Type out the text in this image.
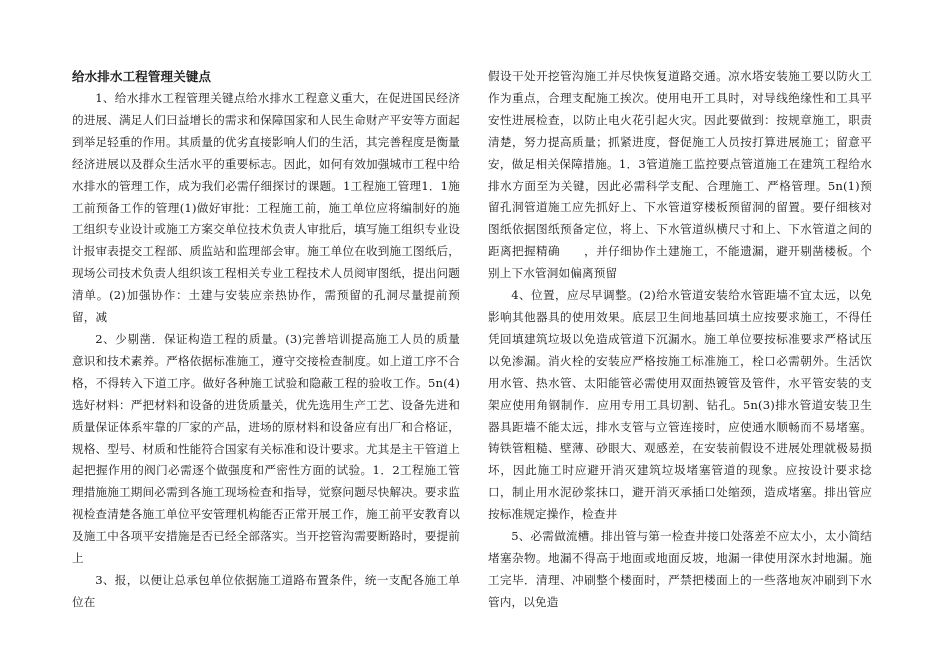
给水排水工程管理关键点

1、给水排水工程管理关键点给水排水工程意义重大，在促进国民经济的进展、满足人们曰益增长的需求和保障国家和人民生命财产平安等方面起到举足轻重的作用。其质量的优劣直接影响人们的生活，其完善程度是衡量经济进展以及群众生活水平的重要标志。因此，如何有效加强城市工程中给水排水的管理工作，成为我们必需仔细探讨的课题。1工程施工管理1．1施工前预备工作的管理(1)做好审批：工程施工前，施工单位应将编制好的施工组织专业设计或施工方案交单位技术负责人审批后，填写施工组织专业设计报审表提交工程部、质监站和监理部会审。施工单位在收到施工图纸后，现场公司技术负责人组织该工程相关专业工程技术人员阅审图纸，提出问题清单。(2)加强协作：土建与安装应亲热协作，需预留的孔洞尽量提前预留，减

2、少剔凿．保证构造工程的质量。(3)完善培训提高施工人员的质量意识和技术素养。严格依据标准施工，遵守交接检查制度。如上道工序不合格，不得转入下道工序。做好各种施工试验和隐蔽工程的验收工作。5n(4)选好材料：严把材料和设备的进货质量关，优先选用生产工艺、设备先进和质量保证体系牢靠的厂家的产品，进场的原材料和设备应有出厂和合格证，规格、型号、材质和性能符合国家有关标准和设计要求。尤其是主干管道上起把握作用的阀门必需逐个做强度和严密性方面的试验。1．2工程施工管理措施施工期间必需到各施工现场检查和指导，觉察问题尽快解决。要求监视检查清楚各施工单位平安管理机构能否正常开展工作，施工前平安教育以及施工中各项平安措施是否已经全部落实。当开挖管沟需要断路时，要提前上

3、报，以便让总承包单位依据施工道路布置条件，统一支配各施工单位在

假设干处开挖管沟施工并尽快恢复道路交通。凉水塔安装施工要以防火工作为重点，合理支配施工挨次。使用电开工具时，对导线绝缘性和工具平安性进展检查，以防止电火花引起火灾。因此要做到：按规章施工，职责清楚，努力提高质量；抓紧进度，督促施工人员按打算进展施工；留意平安，做足相关保障措施。1．3管道施工监控要点管道施工在建筑工程给水排水方面至为关键，因此必需科学支配、合理施工、严格管理。5n(1)预留孔洞管道施工应先抓好上、下水管道穿楼板预留洞的留置。要仔细核对图纸依据图纸预备定位，将上、下水管道纵横尺寸和上、下水管道之间的距离把握精确　　，并仔细协作土建施工，不能遗漏，避开剔凿楼板。个别上下水管洞如偏离预留

4、位置，应尽早调整。(2)给水管道安装给水管距墙不宜太远，以免影响其他器具的使用效果。底层卫生间地基回填土应按要求施工，不得任凭回填建筑垃圾以免造成管道下沉漏水。施工单位要按标准要求严格试压以免渗漏。消火栓的安装应严格按施工标准施工，栓口必需朝外。生活饮用水管、热水管、太阳能管必需使用双面热镀管及管件，水平管安装的支架应使用角钢制作．应用专用工具切割、钻孔。5n(3)排水管道安装卫生器具距墙不能太远，排水支管与立管连接时，应使通水顺畅而不易堵塞。铸铁管粗糙、壁薄、砂眼大、观感差，在安装前假设不进展处理就极易损坏，因此施工时应避开消灭建筑垃圾堵塞管道的现象。应按设计要求捻口，制止用水泥砂浆抹口，避开消灭承插口处缩颈，造成堵塞。排出管应按标准规定操作，检查井

5、必需做流槽。排出管与第一检查井接口处落差不应太小，太小简结堵塞杂物。地漏不得高于地面或地面反坡，地漏一律使用深水封地漏。施工完毕．清理、冲刷整个楼面时，严禁把楼面上的一些落地灰冲刷到下水管内，以免造
